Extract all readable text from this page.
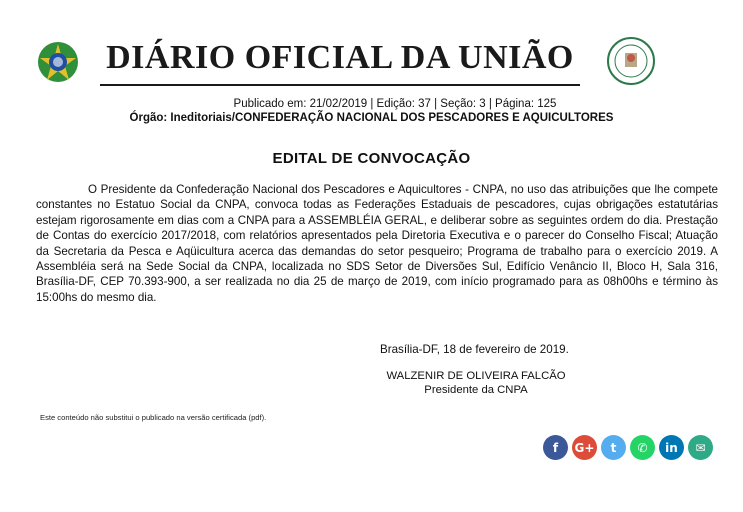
DIÁRIO OFICIAL DA UNIÃO
Publicado em: 21/02/2019 | Edição: 37 | Seção: 3 | Página: 125
Órgão: Ineditoriais/CONFEDERAÇÃO NACIONAL DOS PESCADORES E AQUICULTORES
EDITAL DE CONVOCAÇÃO

O Presidente da Confederação Nacional dos Pescadores e Aquicultores - CNPA, no uso das atribuições que lhe compete constantes no Estatuo Social da CNPA, convoca todas as Federações Estaduais de pescadores, cujas obrigações estatutárias estejam rigorosamente em dias com a CNPA para a ASSEMBLÉIA GERAL, e deliberar sobre as seguintes ordem do dia. Prestação de Contas do exercício 2017/2018, com relatórios apresentados pela Diretoria Executiva e o parecer do Conselho Fiscal; Atuação da Secretaria da Pesca e Aqüicultura acerca das demandas do setor pesqueiro; Programa de trabalho para o exercício 2019. A Assembléia será na Sede Social da CNPA, localizada no SDS Setor de Diversões Sul, Edifício Venâncio II, Bloco H, Sala 316, Brasília-DF, CEP 70.393-900, a ser realizada no dia 25 de março de 2019, com início programado para as 08h00hs e término às 15:00hs do mesmo dia.

Brasília-DF, 18 de fevereiro de 2019.
WALZENIR DE OLIVEIRA FALCÃO
Presidente da CNPA
Este conteúdo não substitui o publicado na versão certificada (pdf).
f G+ t ✆ in ✉
